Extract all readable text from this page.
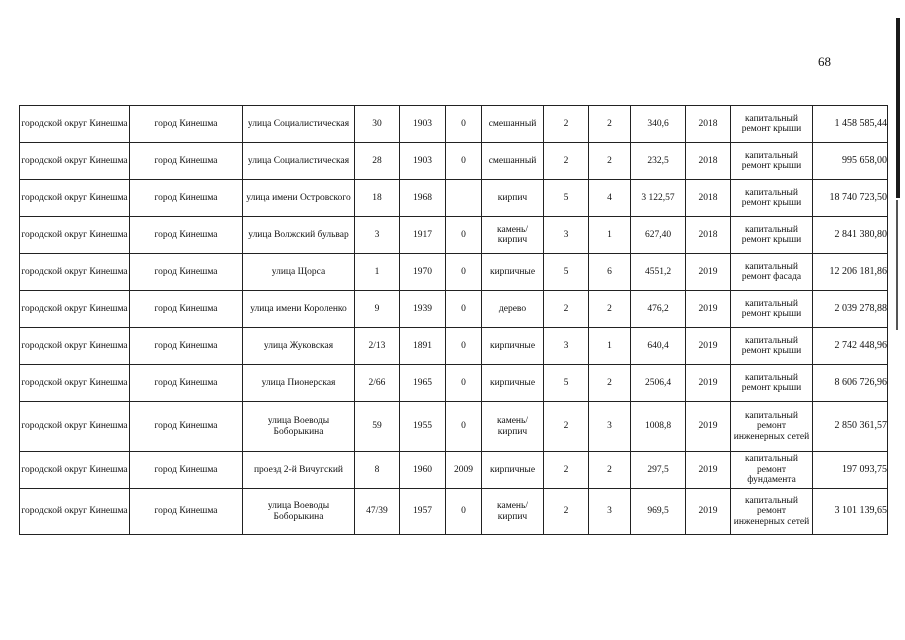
68
городской округ Кинешма	город Кинешма	улица Социалистическая	30	1903	0	смешанный	2	2	340,6	2018	капитальный ремонт крыши	1 458 585,44
городской округ Кинешма	город Кинешма	улица Социалистическая	28	1903	0	смешанный	2	2	232,5	2018	капитальный ремонт крыши	995 658,00
городской округ Кинешма	город Кинешма	улица имени Островского	18	1968		кирпич	5	4	3 122,57	2018	капитальный ремонт крыши	18 740 723,50
городской округ Кинешма	город Кинешма	улица Волжский бульвар	3	1917	0	камень/кирпич	3	1	627,40	2018	капитальный ремонт крыши	2 841 380,80
городской округ Кинешма	город Кинешма	улица Щорса	1	1970	0	кирпичные	5	6	4551,2	2019	капитальный ремонт фасада	12 206 181,86
городской округ Кинешма	город Кинешма	улица имени Короленко	9	1939	0	дерево	2	2	476,2	2019	капитальный ремонт крыши	2 039 278,88
городской округ Кинешма	город Кинешма	улица Жуковская	2/13	1891	0	кирпичные	3	1	640,4	2019	капитальный ремонт крыши	2 742 448,96
городской округ Кинешма	город Кинешма	улица Пионерская	2/66	1965	0	кирпичные	5	2	2506,4	2019	капитальный ремонт крыши	8 606 726,96
городской округ Кинешма	город Кинешма	улица Воеводы Боборыкина	59	1955	0	камень/кирпич	2	3	1008,8	2019	капитальный ремонт инженерных сетей	2 850 361,57
городской округ Кинешма	город Кинешма	проезд 2-й Вичугский	8	1960	2009	кирпичные	2	2	297,5	2019	капитальный ремонт фундамента	197 093,75
городской округ Кинешма	город Кинешма	улица Воеводы Боборыкина	47/39	1957	0	камень/кирпич	2	3	969,5	2019	капитальный ремонт инженерных сетей	3 101 139,65
